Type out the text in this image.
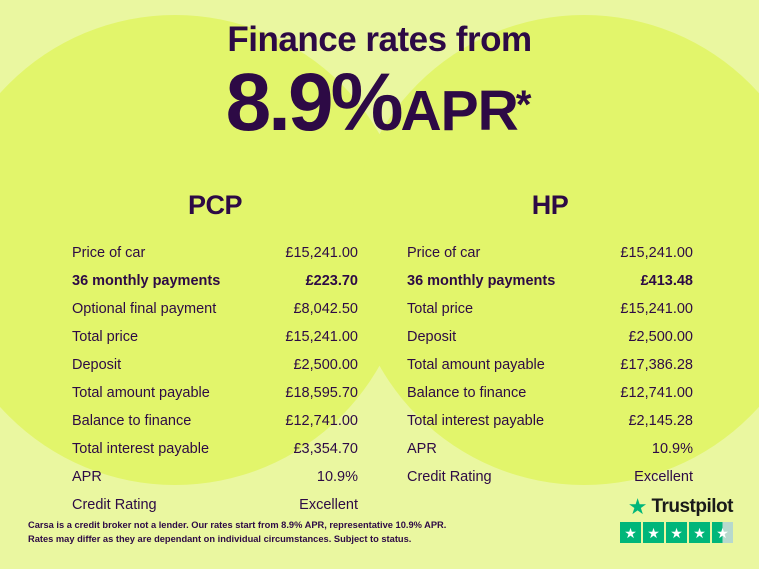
Finance rates from
8.9%APR*
PCP
Price of car	£15,241.00
36 monthly payments	£223.70
Optional final payment	£8,042.50
Total price	£15,241.00
Deposit	£2,500.00
Total amount payable	£18,595.70
Balance to finance	£12,741.00
Total interest payable	£3,354.70
APR	10.9%
Credit Rating	Excellent
HP
Price of car	£15,241.00
36 monthly payments	£413.48
Total price	£15,241.00
Deposit	£2,500.00
Total amount payable	£17,386.28
Balance to finance	£12,741.00
Total interest payable	£2,145.28
APR	10.9%
Credit Rating	Excellent
Carsa is a credit broker not a lender. Our rates start from 8.9% APR, representative 10.9% APR. Rates may differ as they are dependant on individual circumstances. Subject to status.
★ Trustpilot
★ ★ ★ ★ ★
